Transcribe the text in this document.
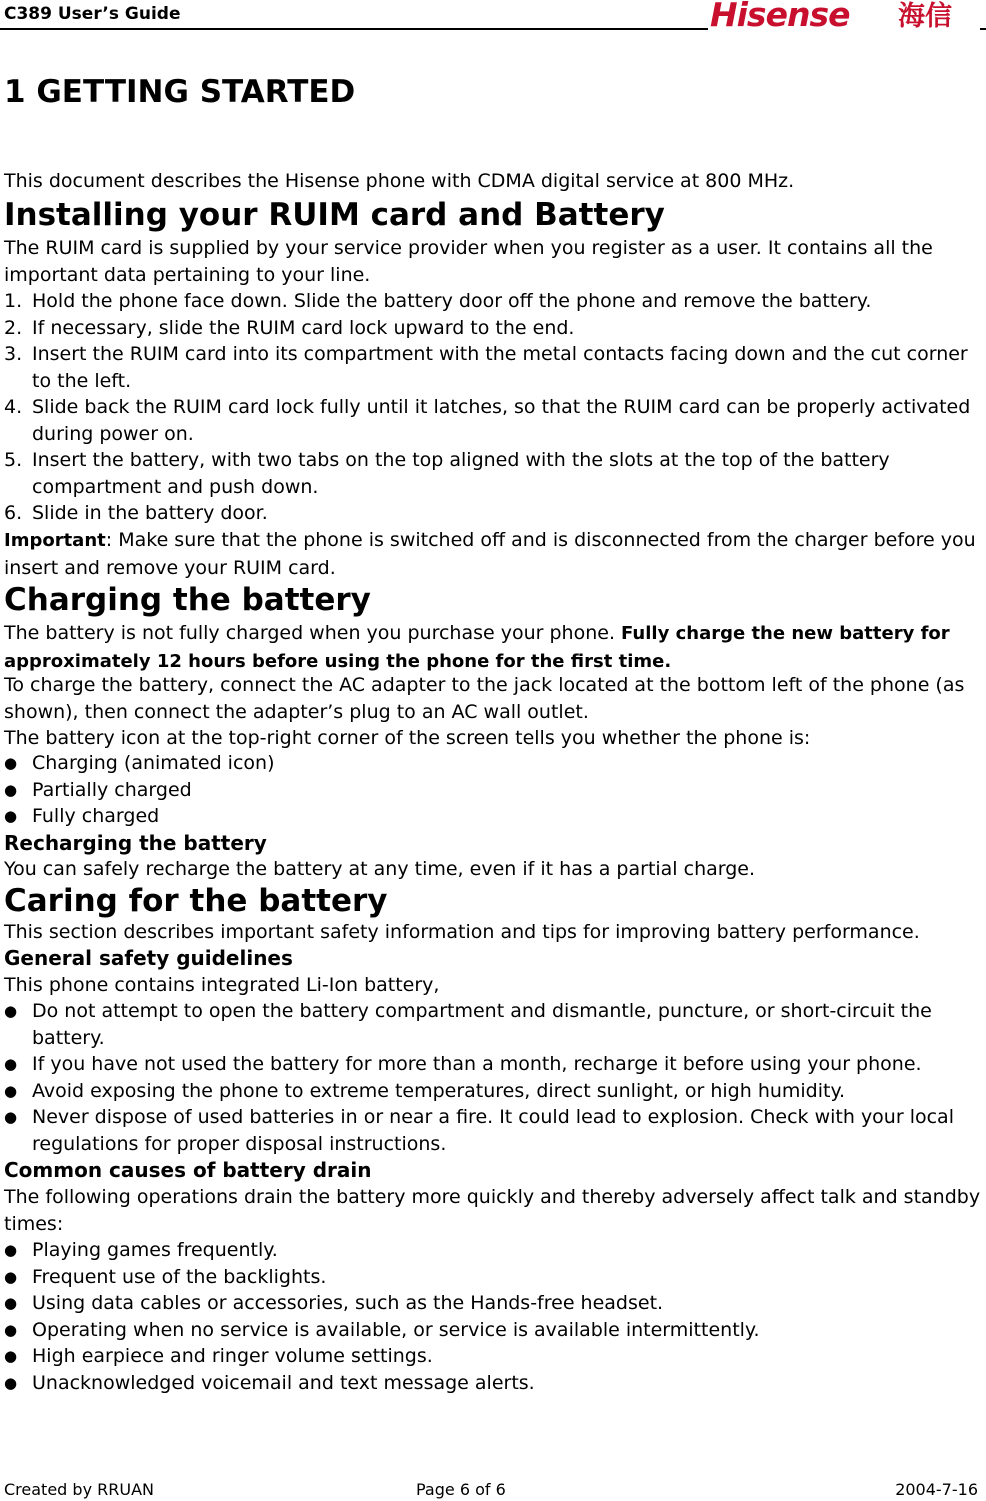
C389 User’s Guide	Hisense 海信
1 GETTING STARTED

This document describes the Hisense phone with CDMA digital service at 800 MHz.

Installing your RUIM card and Battery

The RUIM card is supplied by your service provider when you register as a user. It contains all the important data pertaining to your line.

1. Hold the phone face down. Slide the battery door off the phone and remove the battery.
2. If necessary, slide the RUIM card lock upward to the end.
3. Insert the RUIM card into its compartment with the metal contacts facing down and the cut corner to the left.
4. Slide back the RUIM card lock fully until it latches, so that the RUIM card can be properly activated during power on.
5. Insert the battery, with two tabs on the top aligned with the slots at the top of the battery compartment and push down.
6. Slide in the battery door.

Important: Make sure that the phone is switched off and is disconnected from the charger before you insert and remove your RUIM card.

Charging the battery

The battery is not fully charged when you purchase your phone. Fully charge the new battery for approximately 12 hours before using the phone for the first time.

To charge the battery, connect the AC adapter to the jack located at the bottom left of the phone (as shown), then connect the adapter’s plug to an AC wall outlet.

The battery icon at the top-right corner of the screen tells you whether the phone is:

● Charging (animated icon)
● Partially charged
● Fully charged
Recharging the battery

You can safely recharge the battery at any time, even if it has a partial charge.

Caring for the battery

This section describes important safety information and tips for improving battery performance.

General safety guidelines

This phone contains integrated Li-Ion battery,

● Do not attempt to open the battery compartment and dismantle, puncture, or short-circuit the battery.
● If you have not used the battery for more than a month, recharge it before using your phone.
● Avoid exposing the phone to extreme temperatures, direct sunlight, or high humidity.
● Never dispose of used batteries in or near a fire. It could lead to explosion. Check with your local regulations for proper disposal instructions.
Common causes of battery drain

The following operations drain the battery more quickly and thereby adversely affect talk and standby times:

● Playing games frequently.
● Frequent use of the backlights.
● Using data cables or accessories, such as the Hands-free headset.
● Operating when no service is available, or service is available intermittently.
● High earpiece and ringer volume settings.
● Unacknowledged voicemail and text message alerts.
Created by RRUAN	Page 6 of 6	2004-7-16
